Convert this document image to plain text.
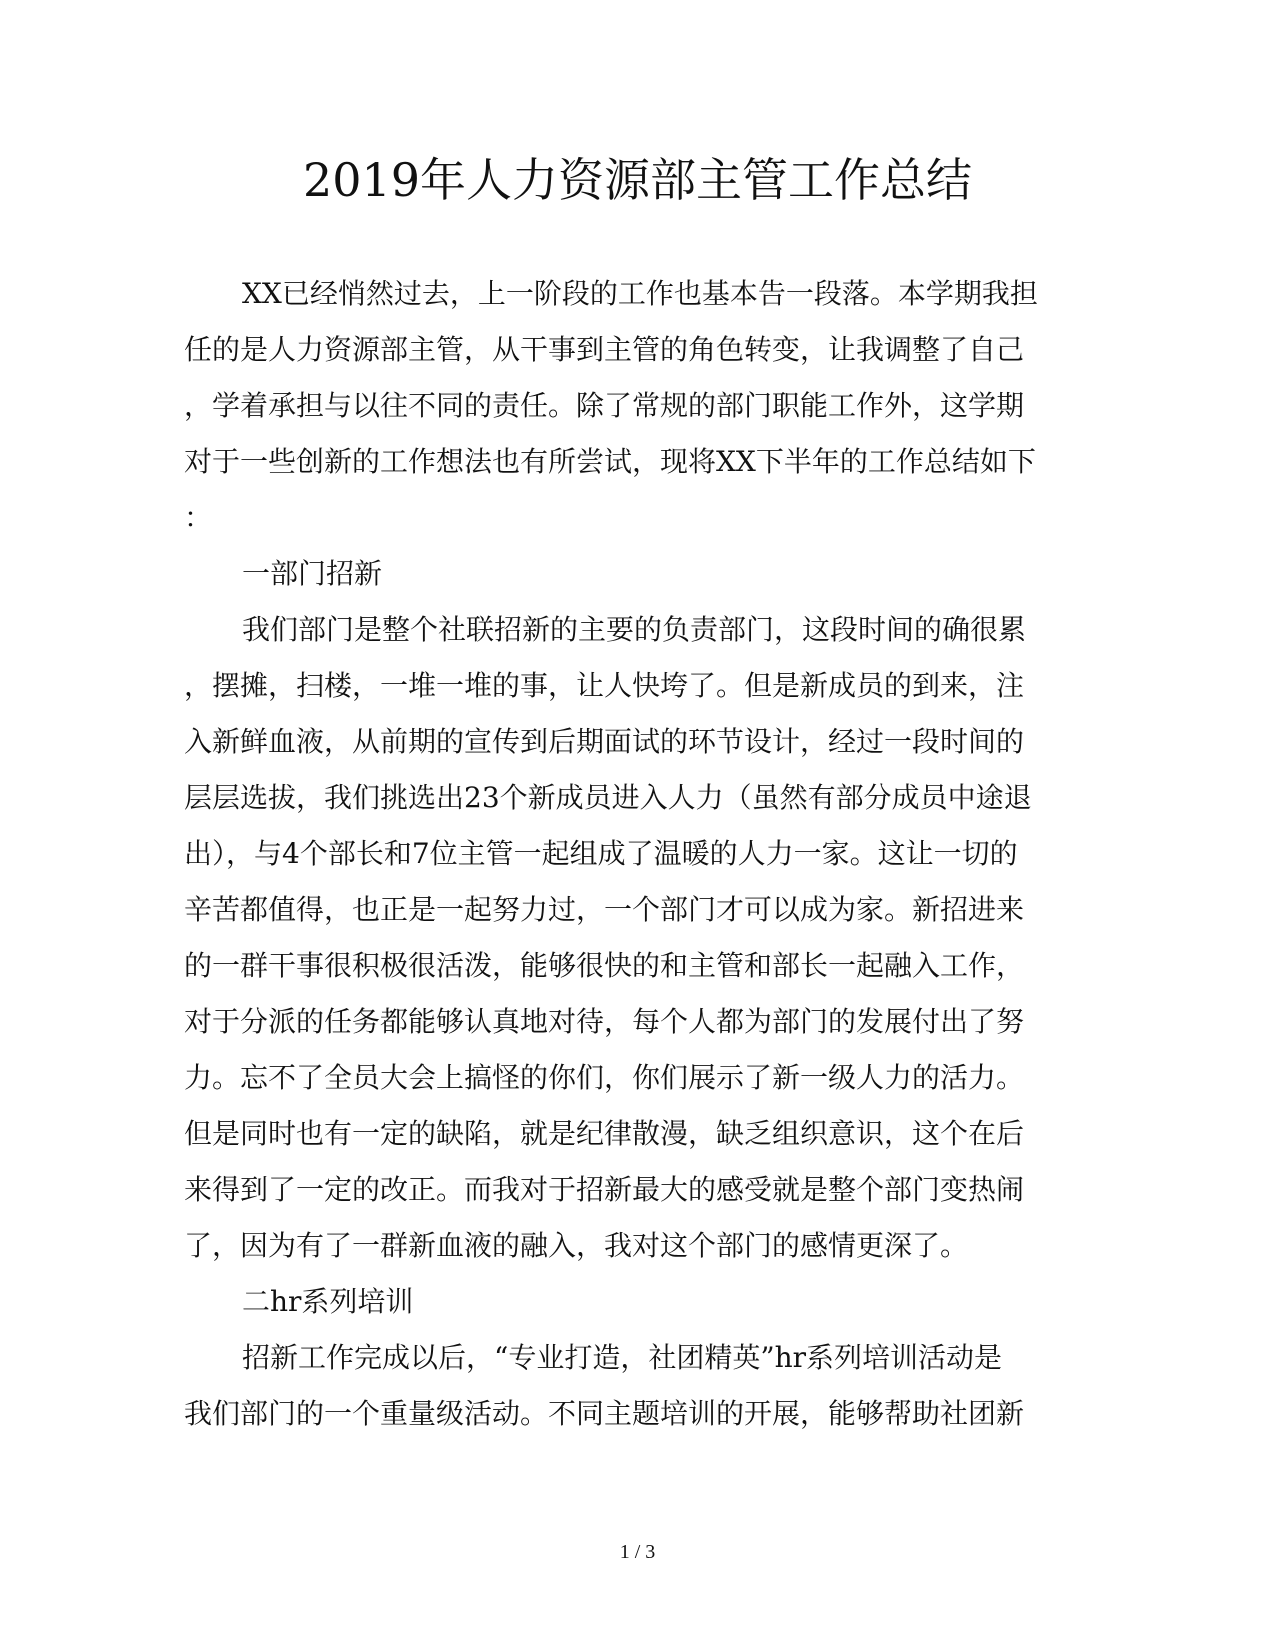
2019年人力资源部主管工作总结
XX已经悄然过去，上一阶段的工作也基本告一段落。本学期我担
任的是人力资源部主管，从干事到主管的角色转变，让我调整了自己
，学着承担与以往不同的责任。除了常规的部门职能工作外，这学期
对于一些创新的工作想法也有所尝试，现将XX下半年的工作总结如下
：
一部门招新
我们部门是整个社联招新的主要的负责部门，这段时间的确很累
，摆摊，扫楼，一堆一堆的事，让人快垮了。但是新成员的到来，注
入新鲜血液，从前期的宣传到后期面试的环节设计，经过一段时间的
层层选拔，我们挑选出23个新成员进入人力（虽然有部分成员中途退
出），与4个部长和7位主管一起组成了温暖的人力一家。这让一切的
辛苦都值得，也正是一起努力过，一个部门才可以成为家。新招进来
的一群干事很积极很活泼，能够很快的和主管和部长一起融入工作，
对于分派的任务都能够认真地对待，每个人都为部门的发展付出了努
力。忘不了全员大会上搞怪的你们，你们展示了新一级人力的活力。
但是同时也有一定的缺陷，就是纪律散漫，缺乏组织意识，这个在后
来得到了一定的改正。而我对于招新最大的感受就是整个部门变热闹
了，因为有了一群新血液的融入，我对这个部门的感情更深了。
二hr系列培训
招新工作完成以后，“专业打造，社团精英”hr系列培训活动是
我们部门的一个重量级活动。不同主题培训的开展，能够帮助社团新
1 / 3
